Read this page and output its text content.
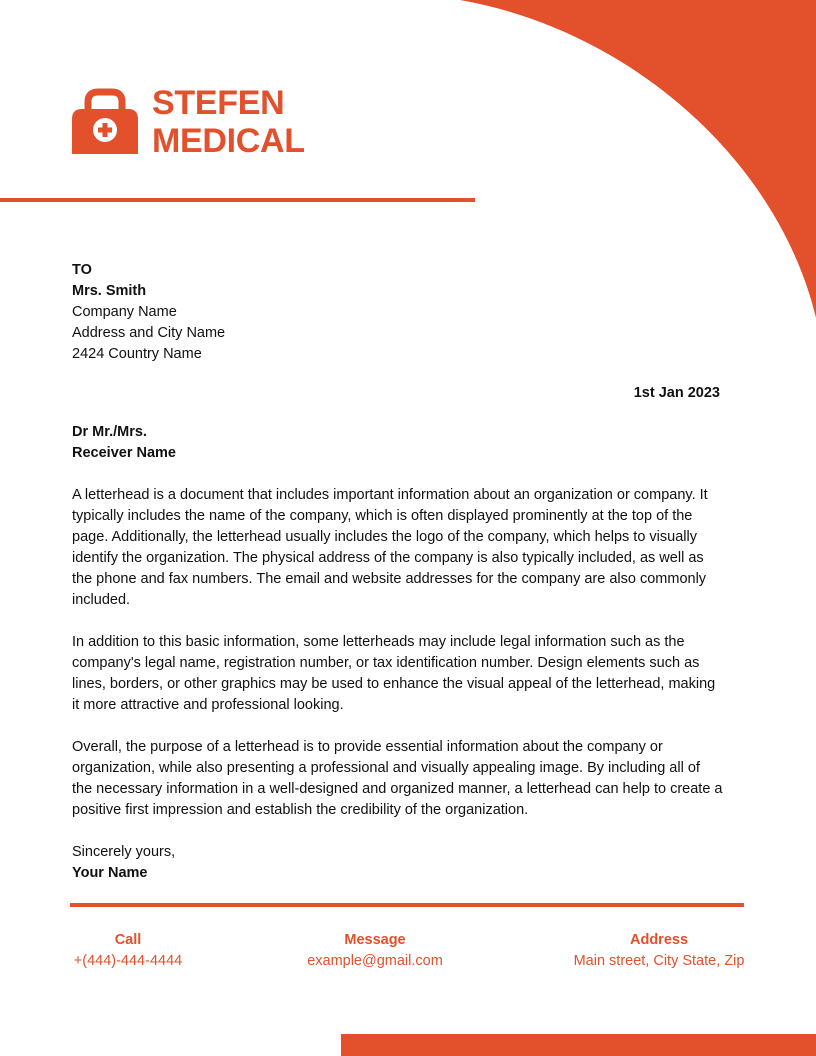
STEFEN
MEDICAL
TO
Mrs. Smith
Company Name
Address and City Name
2424 Country Name
1st Jan 2023
Dr Mr./Mrs.
Receiver Name

A letterhead is a document that includes important information about an organization or company. It typically includes the name of the company, which is often displayed prominently at the top of the page. Additionally, the letterhead usually includes the logo of the company, which helps to visually identify the organization. The physical address of the company is also typically included, as well as the phone and fax numbers. The email and website addresses for the company are also commonly included.

In addition to this basic information, some letterheads may include legal information such as the company's legal name, registration number, or tax identification number. Design elements such as lines, borders, or other graphics may be used to enhance the visual appeal of the letterhead, making it more attractive and professional looking.

Overall, the purpose of a letterhead is to provide essential information about the company or organization, while also presenting a professional and visually appealing image. By including all of the necessary information in a well-designed and organized manner, a letterhead can help to create a positive first impression and establish the credibility of the organization.

Sincerely yours,
Your Name
Call
+(444)-444-4444
Message
example@gmail.com
Address
Main street, City State, Zip
